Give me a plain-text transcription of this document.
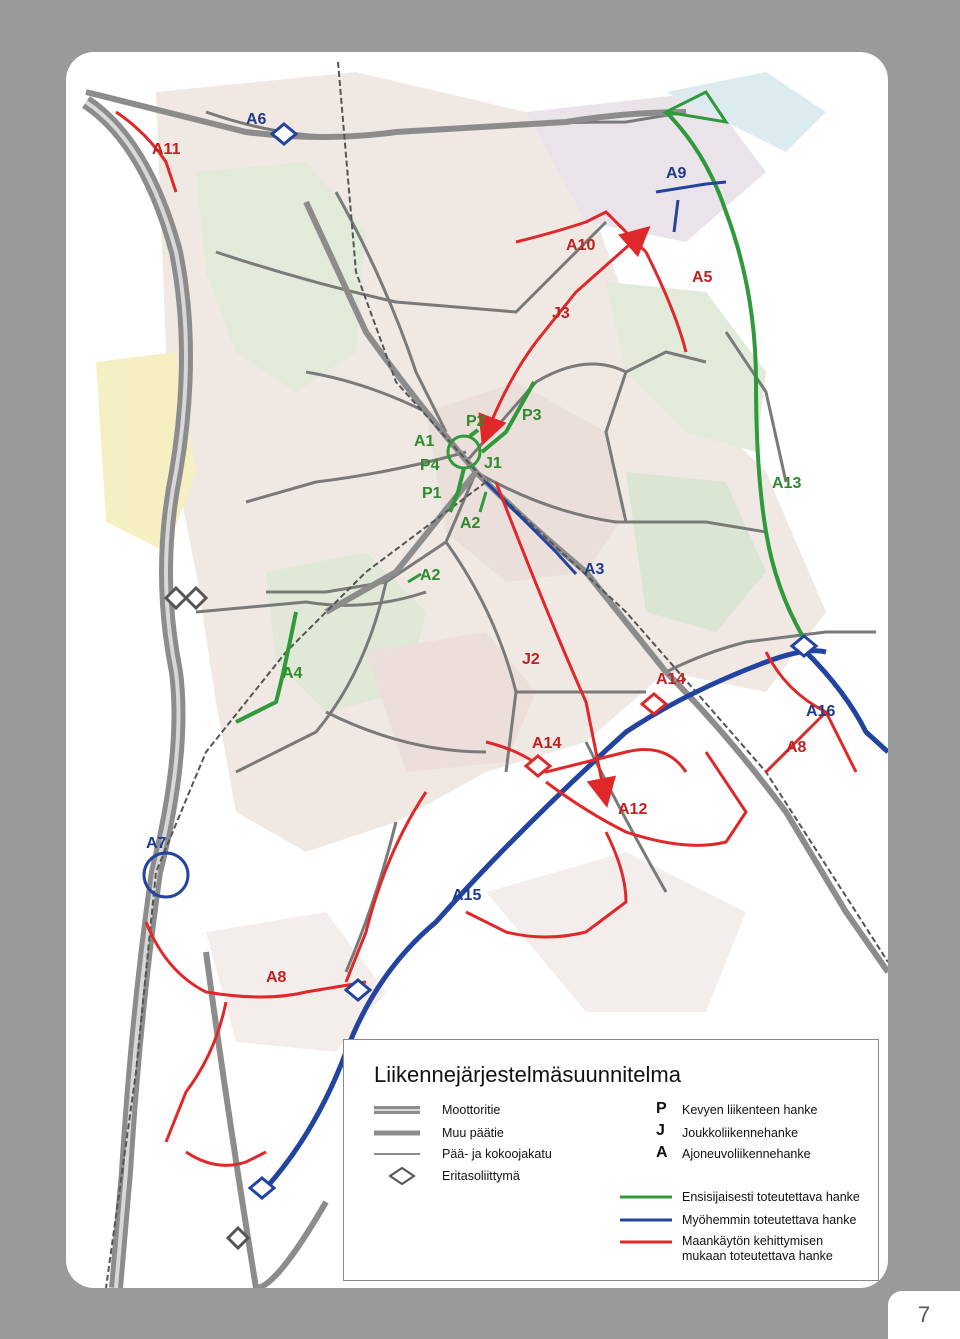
A11
A6
A9
A10
A5
J3
P2 P3
A1
P4	J1
P1
A2
A2	A3
A13
A4
J2
A14
A16
A8
A14
A12
A7
A15
A8
Liikennejärjestelmäsuunnitelma
Moottoritie
Muu päätie
Pää- ja kokoojakatu
Eritasoliittymä
P Kevyen liikenteen hanke
J Joukkoliikennehanke
A Ajoneuvoliikennehanke
Ensisijaisesti toteutettava hanke
Myöhemmin toteutettava hanke
Maankäytön kehittymisen
mukaan toteutettava hanke
7
